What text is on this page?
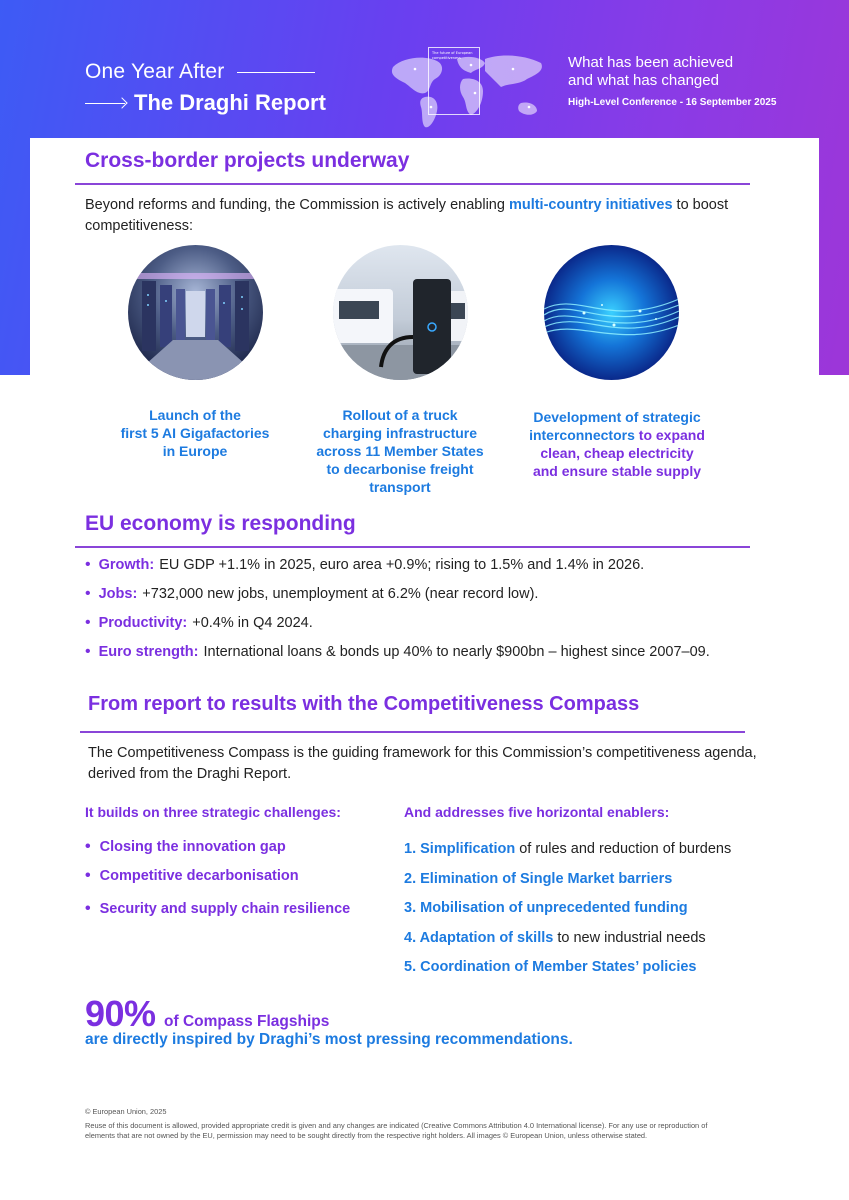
One Year After
The Draghi Report
The future of European competitiveness	What has been achieved
and what has changed
High-Level Conference - 16 September 2025
Cross-border projects underway
Beyond reforms and funding, the Commission is actively enabling multi-country initiatives to boost
competitiveness:
Launch of the
first 5 AI Gigafactories
in Europe
Rollout of a truck
charging infrastructure
across 11 Member States
to decarbonise freight
transport
Development of strategic
interconnectors to expand
clean, cheap electricity
and ensure stable supply
EU economy is responding
• Growth: EU GDP +1.1% in 2025, euro area +0.9%; rising to 1.5% and 1.4% in 2026.
• Jobs: +732,000 new jobs, unemployment at 6.2% (near record low).
• Productivity: +0.4% in Q4 2024.
• Euro strength: International loans & bonds up 40% to nearly $900bn – highest since 2007–09.
From report to results with the Competitiveness Compass
The Competitiveness Compass is the guiding framework for this Commission’s competitiveness agenda,
derived from the Draghi Report.
It builds on three strategic challenges:	And addresses five horizontal enablers:
• Closing the innovation gap
• Competitive decarbonisation
• Security and supply chain resilience
1. Simplification of rules and reduction of burdens
2. Elimination of Single Market barriers
3. Mobilisation of unprecedented funding
4. Adaptation of skills to new industrial needs
5. Coordination of Member States’ policies
90% of Compass Flagships
are directly inspired by Draghi’s most pressing recommendations.
© European Union, 2025
Reuse of this document is allowed, provided appropriate credit is given and any changes are indicated (Creative Commons Attribution 4.0 International license). For any use or reproduction of
elements that are not owned by the EU, permission may need to be sought directly from the respective right holders. All images © European Union, unless otherwise stated.
